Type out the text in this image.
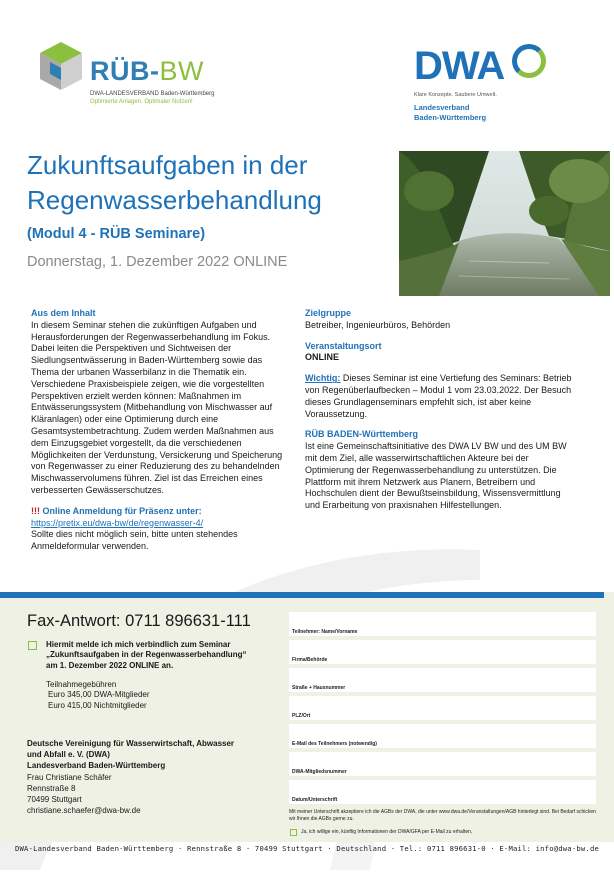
RÜB-BW
DWA-LANDESVERBAND Baden-Württemberg
Optimierte Anlagen. Optimaler Nutzen!
DWA
Klare Konzepte. Saubere Umwelt.
Landesverband
Baden-Württemberg
Zukunftsaufgaben in der Regenwasserbehandlung
(Modul 4 - RÜB Seminare)
Donnerstag, 1. Dezember 2022 ONLINE
Aus dem Inhalt

In diesem Seminar stehen die zukünftigen Aufgaben und Herausforderungen der Regenwasserbehandlung im Fokus. Dabei leiten die Perspektiven und Sichtweisen der Siedlungsentwässerung in Baden-Württemberg sowie das Thema der urbanen Wasserbilanz in die Thematik ein. Verschiedene Praxisbeispiele zeigen, wie die vorgestellten Perspektiven erzielt werden können: Maßnahmen im Entwässerungssystem (Mitbehandlung von Mischwasser auf Kläranlagen) oder eine Optimierung durch eine Gesamtsystembetrachtung. Zudem werden Maßnahmen aus dem Einzugsgebiet vorgestellt, da die verschiedenen Möglichkeiten der Verdunstung, Versickerung und Speicherung von Regenwasser zu einer Reduzierung des zu behandelnden Mischwasservolumens führen. Ziel ist das Erreichen eines verbesserten Gewässerschutzes.

!!! Online Anmeldung für Präsenz unter:
https://pretix.eu/dwa-bw/de/regenwasser-4/

Sollte dies nicht möglich sein, bitte unten stehendes Anmeldeformular verwenden.

Zielgruppe
Betreiber, Ingenieurbüros, Behörden
Veranstaltungsort
ONLINE

Wichtig: Dieses Seminar ist eine Vertiefung des Seminars: Betrieb von Regenüberlaufbecken – Modul 1 vom 23.03.2022. Der Besuch dieses Grundlagenseminars empfehlt sich, ist aber keine Voraussetzung.

RÜB BADEN-Württemberg

Ist eine Gemeinschaftsinitiative des DWA LV BW und des UM BW mit dem Ziel, alle wasserwirtschaftlichen Akteure bei der Optimierung der Regenwasserbehandlung zu unterstützen. Die Plattform mit ihrem Netzwerk aus Planern, Betreibern und Hochschulen dient der Bewußtseinsbildung, Wissensvermittlung und Erarbeitung von praxisnahen Hilfestellungen.

Fax-Antwort: 0711 896631-111
Hiermit melde ich mich verbindlich zum Seminar
„Zukunftsaufgaben in der Regenwasserbehandlung“
am 1. Dezember 2022 ONLINE an.
Teilnahmegebühren
Euro 345,00 DWA-Mitglieder
Euro 415,00 Nichtmitglieder
Deutsche Vereinigung für Wasserwirtschaft, Abwasser
und Abfall e. V. (DWA)
Landesverband Baden-Württemberg
Frau Christiane Schäfer
Rennstraße 8
70499 Stuttgart
christiane.schaefer@dwa-bw.de
Teilnehmer: Name/Vorname
Firma/Behörde
Straße + Hausnummer
PLZ/Ort
E-Mail des Teilnehmers (notwendig)
DWA-Mitgliedsnummer
Datum/Unterschrift
Mit meiner Unterschrift akzeptiere ich die AGBs der DWA, die unter www.dwa.de/Veranstaltungen/AGB hinterlegt sind. Bei Bedarf schicken wir Ihnen die AGBs gerne zu.
Ja, ich willige ein, künftig Informationen der DWA/GFA per E-Mail zu erhalten.
DWA-Landesverband Baden-Württemberg · Rennstraße 8 · 70499 Stuttgart · Deutschland · Tel.: 0711 896631-0 · E-Mail: info@dwa-bw.de
